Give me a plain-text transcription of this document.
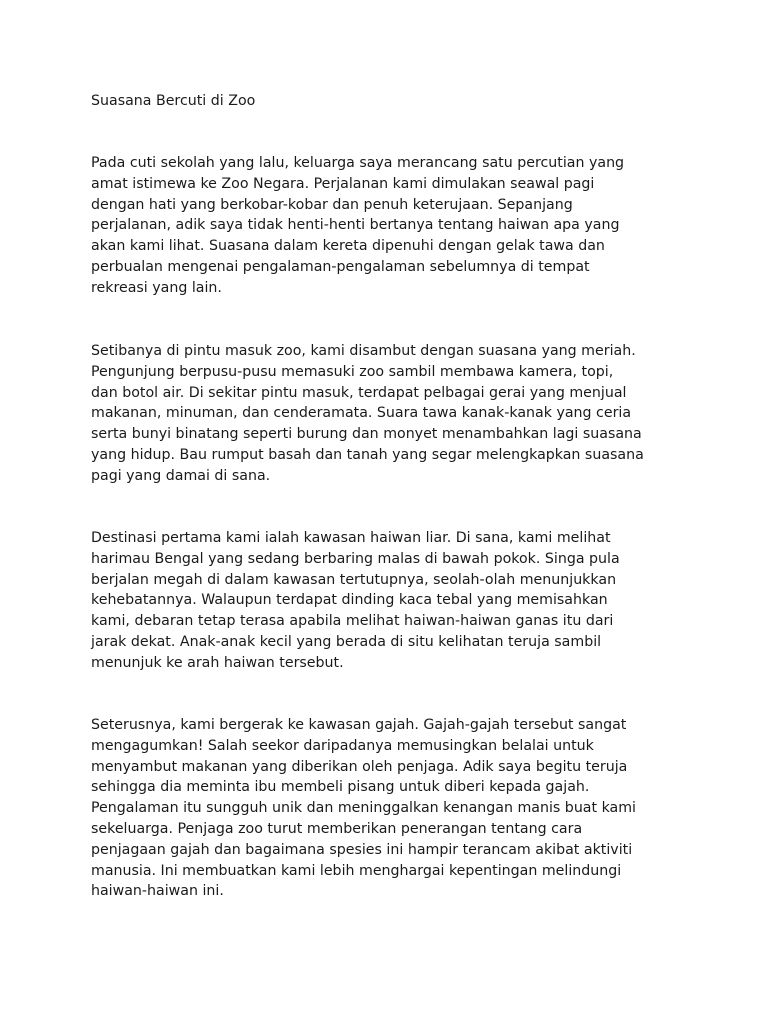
Suasana Bercuti di Zoo

Pada cuti sekolah yang lalu, keluarga saya merancang satu percutian yang
amat istimewa ke Zoo Negara. Perjalanan kami dimulakan seawal pagi
dengan hati yang berkobar-kobar dan penuh keterujaan. Sepanjang
perjalanan, adik saya tidak henti-henti bertanya tentang haiwan apa yang
akan kami lihat. Suasana dalam kereta dipenuhi dengan gelak tawa dan
perbualan mengenai pengalaman-pengalaman sebelumnya di tempat
rekreasi yang lain.

Setibanya di pintu masuk zoo, kami disambut dengan suasana yang meriah.
Pengunjung berpusu-pusu memasuki zoo sambil membawa kamera, topi,
dan botol air. Di sekitar pintu masuk, terdapat pelbagai gerai yang menjual
makanan, minuman, dan cenderamata. Suara tawa kanak-kanak yang ceria
serta bunyi binatang seperti burung dan monyet menambahkan lagi suasana
yang hidup. Bau rumput basah dan tanah yang segar melengkapkan suasana
pagi yang damai di sana.

Destinasi pertama kami ialah kawasan haiwan liar. Di sana, kami melihat
harimau Bengal yang sedang berbaring malas di bawah pokok. Singa pula
berjalan megah di dalam kawasan tertutupnya, seolah-olah menunjukkan
kehebatannya. Walaupun terdapat dinding kaca tebal yang memisahkan
kami, debaran tetap terasa apabila melihat haiwan-haiwan ganas itu dari
jarak dekat. Anak-anak kecil yang berada di situ kelihatan teruja sambil
menunjuk ke arah haiwan tersebut.

Seterusnya, kami bergerak ke kawasan gajah. Gajah-gajah tersebut sangat
mengagumkan! Salah seekor daripadanya memusingkan belalai untuk
menyambut makanan yang diberikan oleh penjaga. Adik saya begitu teruja
sehingga dia meminta ibu membeli pisang untuk diberi kepada gajah.
Pengalaman itu sungguh unik dan meninggalkan kenangan manis buat kami
sekeluarga. Penjaga zoo turut memberikan penerangan tentang cara
penjagaan gajah dan bagaimana spesies ini hampir terancam akibat aktiviti
manusia. Ini membuatkan kami lebih menghargai kepentingan melindungi
haiwan-haiwan ini.
